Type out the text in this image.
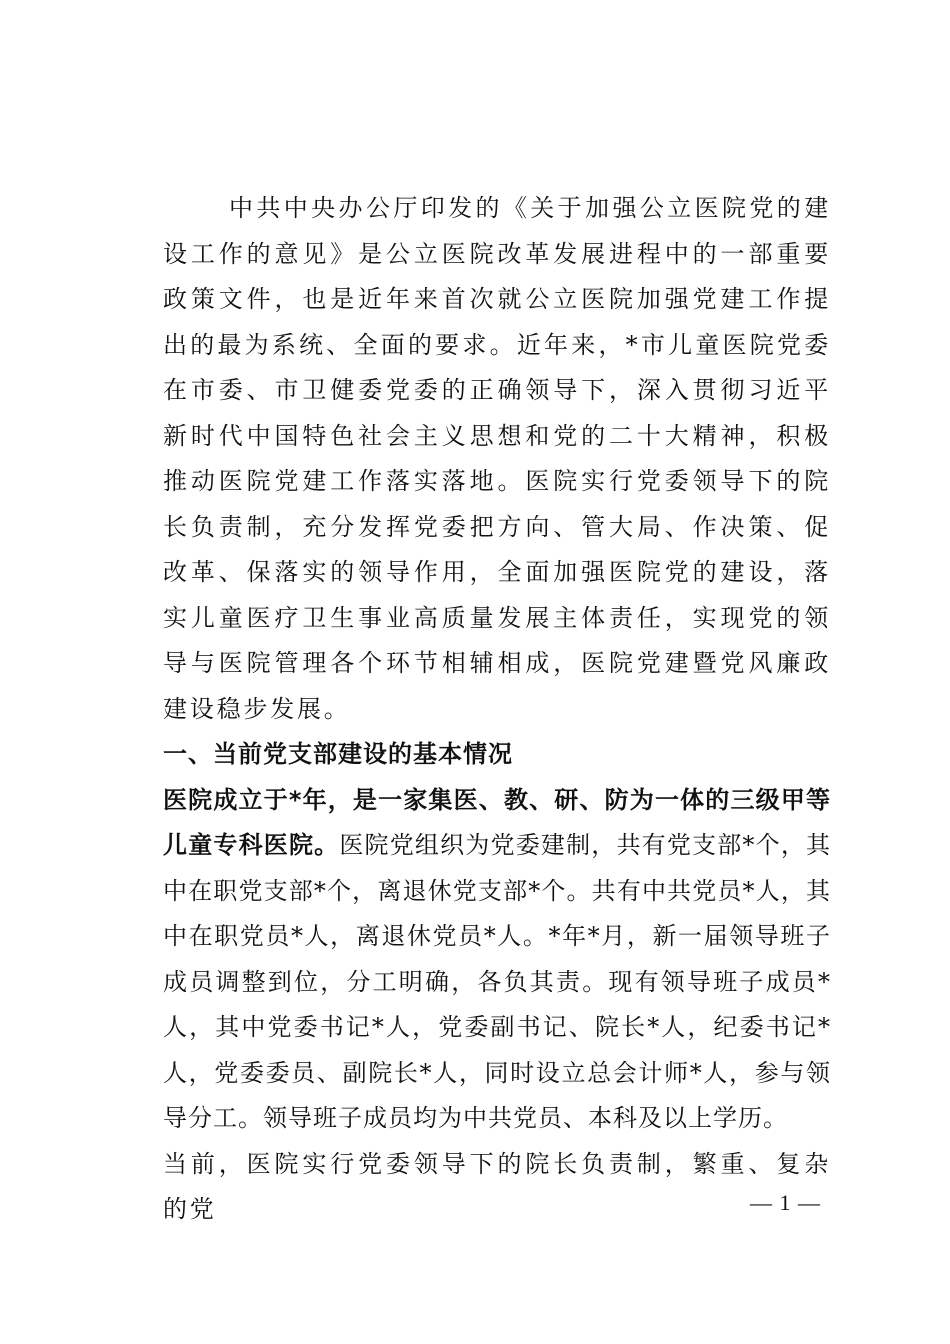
中共中央办公厅印发的《关于加强公立医院党的建设工作的意见》是公立医院改革发展进程中的一部重要政策文件，也是近年来首次就公立医院加强党建工作提出的最为系统、全面的要求。近年来，*市儿童医院党委在市委、市卫健委党委的正确领导下，深入贯彻习近平新时代中国特色社会主义思想和党的二十大精神，积极推动医院党建工作落实落地。医院实行党委领导下的院长负责制，充分发挥党委把方向、管大局、作决策、促改革、保落实的领导作用，全面加强医院党的建设，落实儿童医疗卫生事业高质量发展主体责任，实现党的领导与医院管理各个环节相辅相成，医院党建暨党风廉政建设稳步发展。

一、当前党支部建设的基本情况

医院成立于*年，是一家集医、教、研、防为一体的三级甲等儿童专科医院。医院党组织为党委建制，共有党支部*个，其中在职党支部*个，离退休党支部*个。共有中共党员*人，其中在职党员*人，离退休党员*人。*年*月，新一届领导班子成员调整到位，分工明确，各负其责。现有领导班子成员*人，其中党委书记*人，党委副书记、院长*人，纪委书记*人，党委委员、副院长*人，同时设立总会计师*人，参与领导分工。领导班子成员均为中共党员、本科及以上学历。

当前，医院实行党委领导下的院长负责制，繁重、复杂的党	— 1 —
